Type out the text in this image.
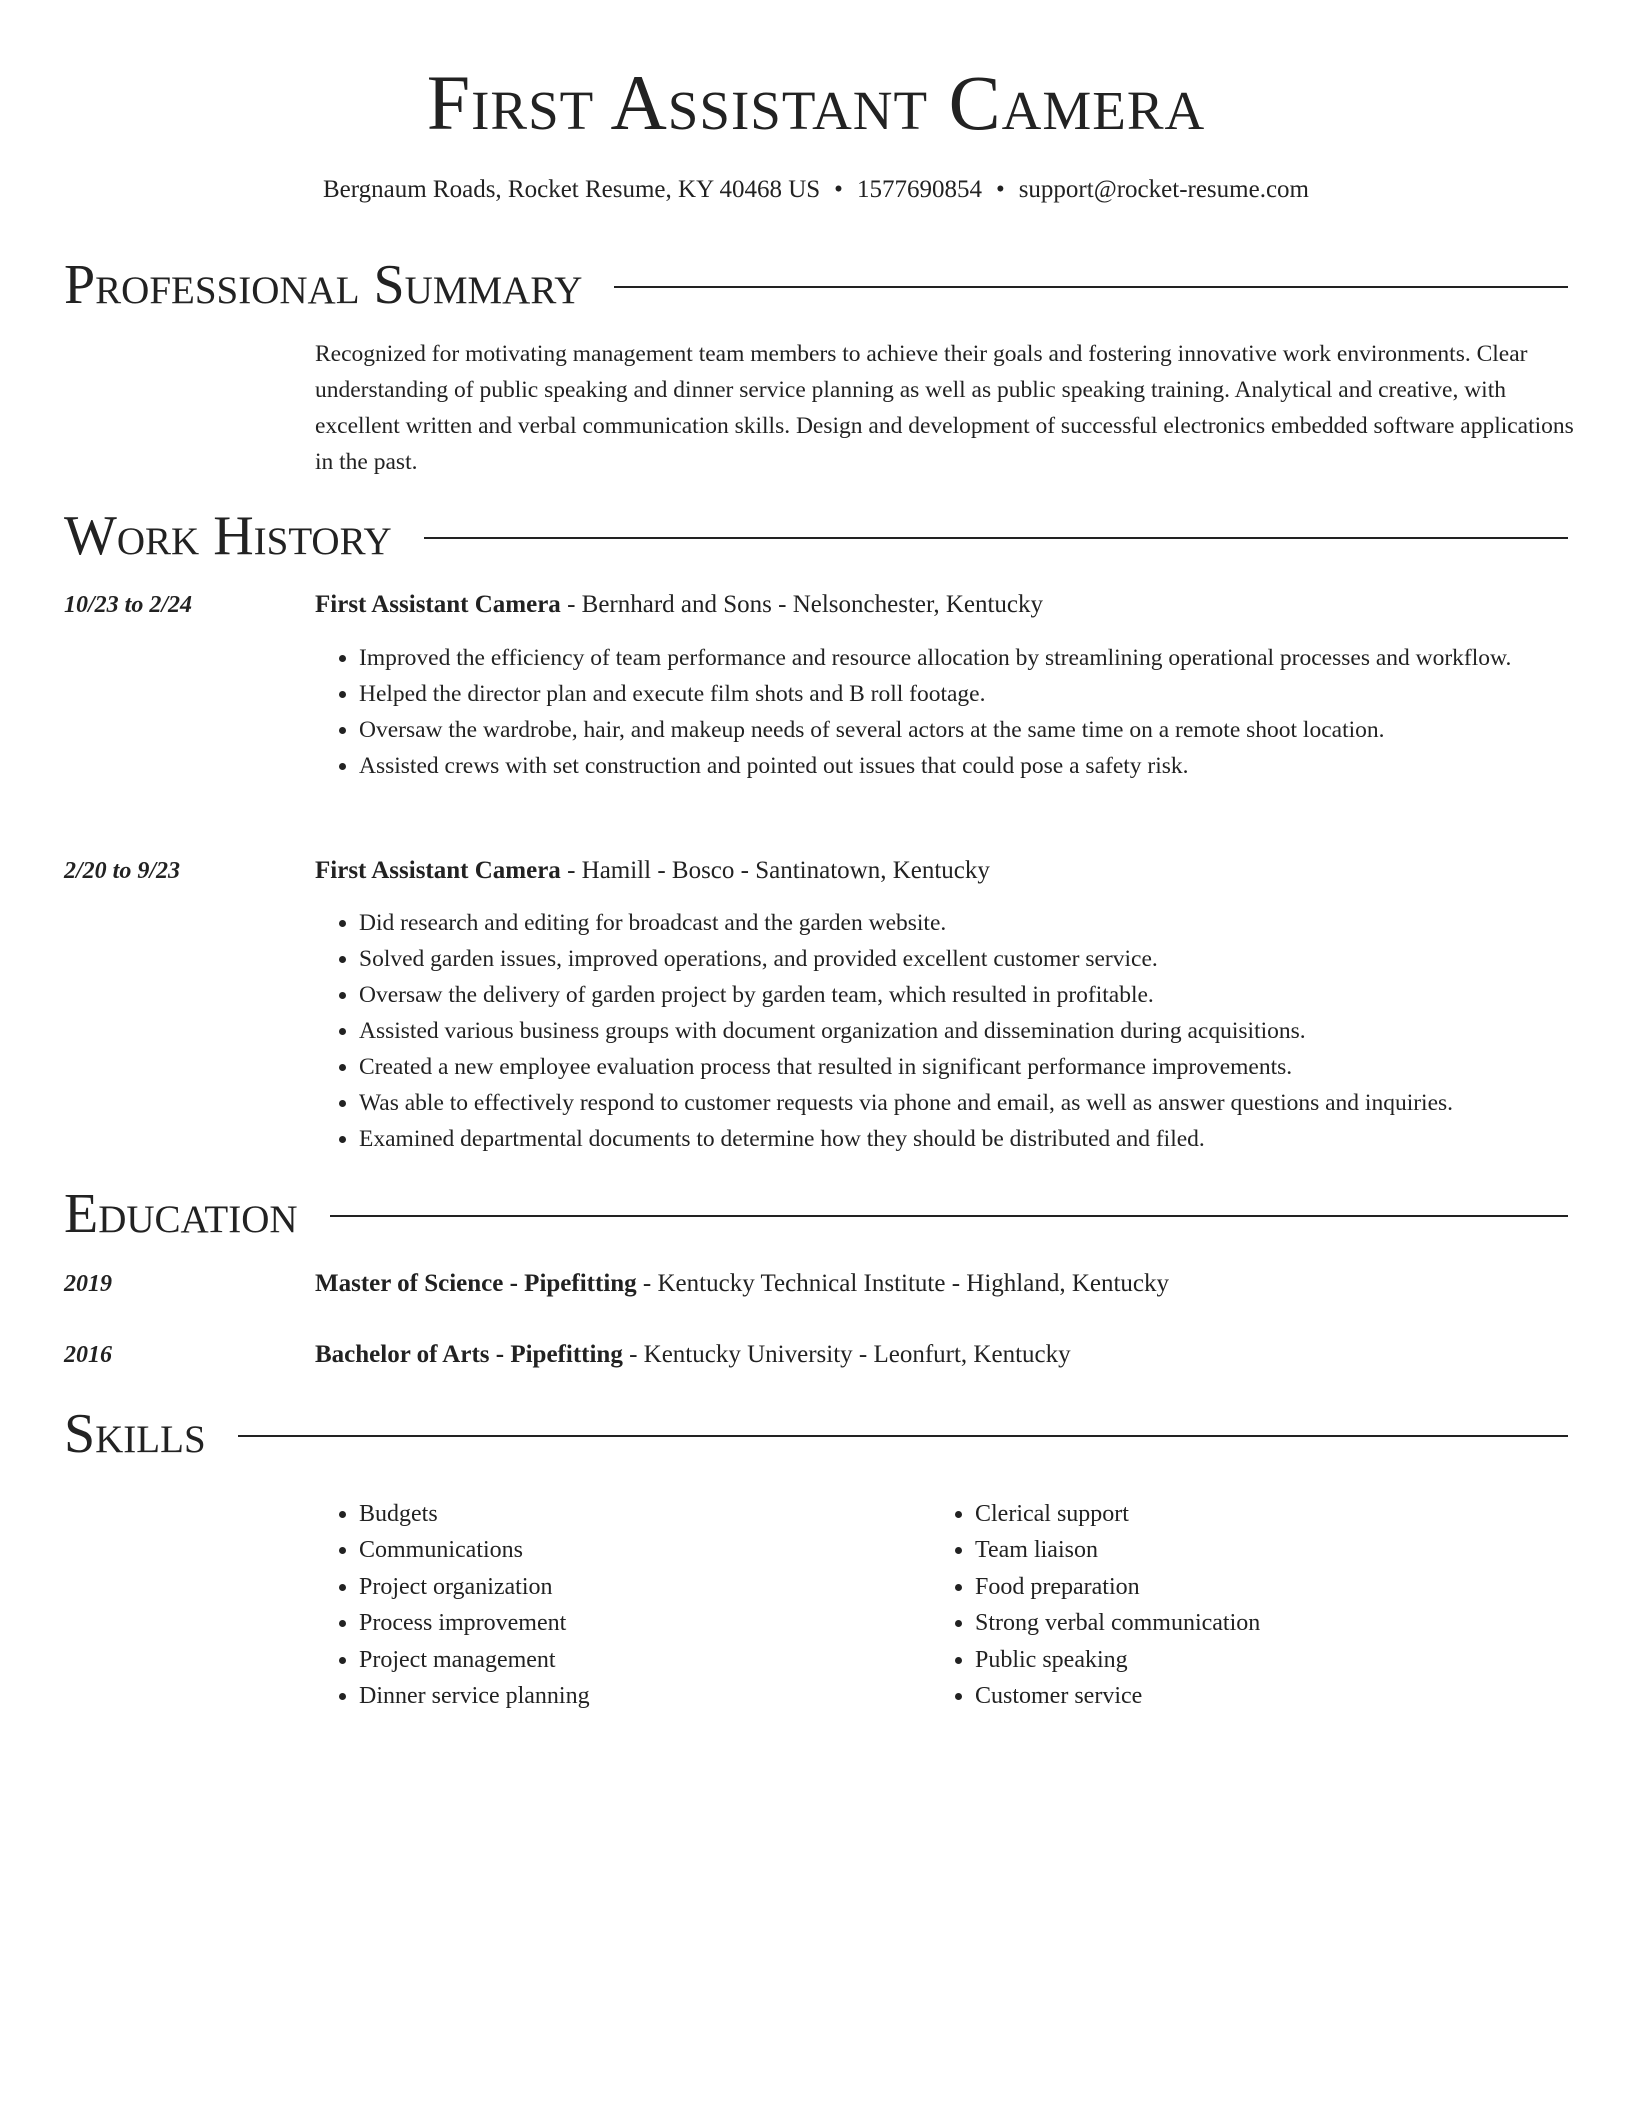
First Assistant Camera
Bergnaum Roads, Rocket Resume, KY 40468 US • 1577690854 • support@rocket-resume.com
Professional Summary
Recognized for motivating management team members to achieve their goals and fostering innovative work environments. Clear understanding of public speaking and dinner service planning as well as public speaking training. Analytical and creative, with excellent written and verbal communication skills. Design and development of successful electronics embedded software applications in the past.
Work History
10/23 to 2/24	First Assistant Camera - Bernhard and Sons - Nelsonchester, Kentucky
• Improved the efficiency of team performance and resource allocation by streamlining operational processes and workflow.
• Helped the director plan and execute film shots and B roll footage.
• Oversaw the wardrobe, hair, and makeup needs of several actors at the same time on a remote shoot location.
• Assisted crews with set construction and pointed out issues that could pose a safety risk.
2/20 to 9/23	First Assistant Camera - Hamill - Bosco - Santinatown, Kentucky
• Did research and editing for broadcast and the garden website.
• Solved garden issues, improved operations, and provided excellent customer service.
• Oversaw the delivery of garden project by garden team, which resulted in profitable.
• Assisted various business groups with document organization and dissemination during acquisitions.
• Created a new employee evaluation process that resulted in significant performance improvements.
• Was able to effectively respond to customer requests via phone and email, as well as answer questions and inquiries.
• Examined departmental documents to determine how they should be distributed and filed.
Education
2019	Master of Science - Pipefitting - Kentucky Technical Institute - Highland, Kentucky
2016	Bachelor of Arts - Pipefitting - Kentucky University - Leonfurt, Kentucky
Skills
• Budgets
• Communications
• Project organization
• Process improvement
• Project management
• Dinner service planning
• Clerical support
• Team liaison
• Food preparation
• Strong verbal communication
• Public speaking
• Customer service
